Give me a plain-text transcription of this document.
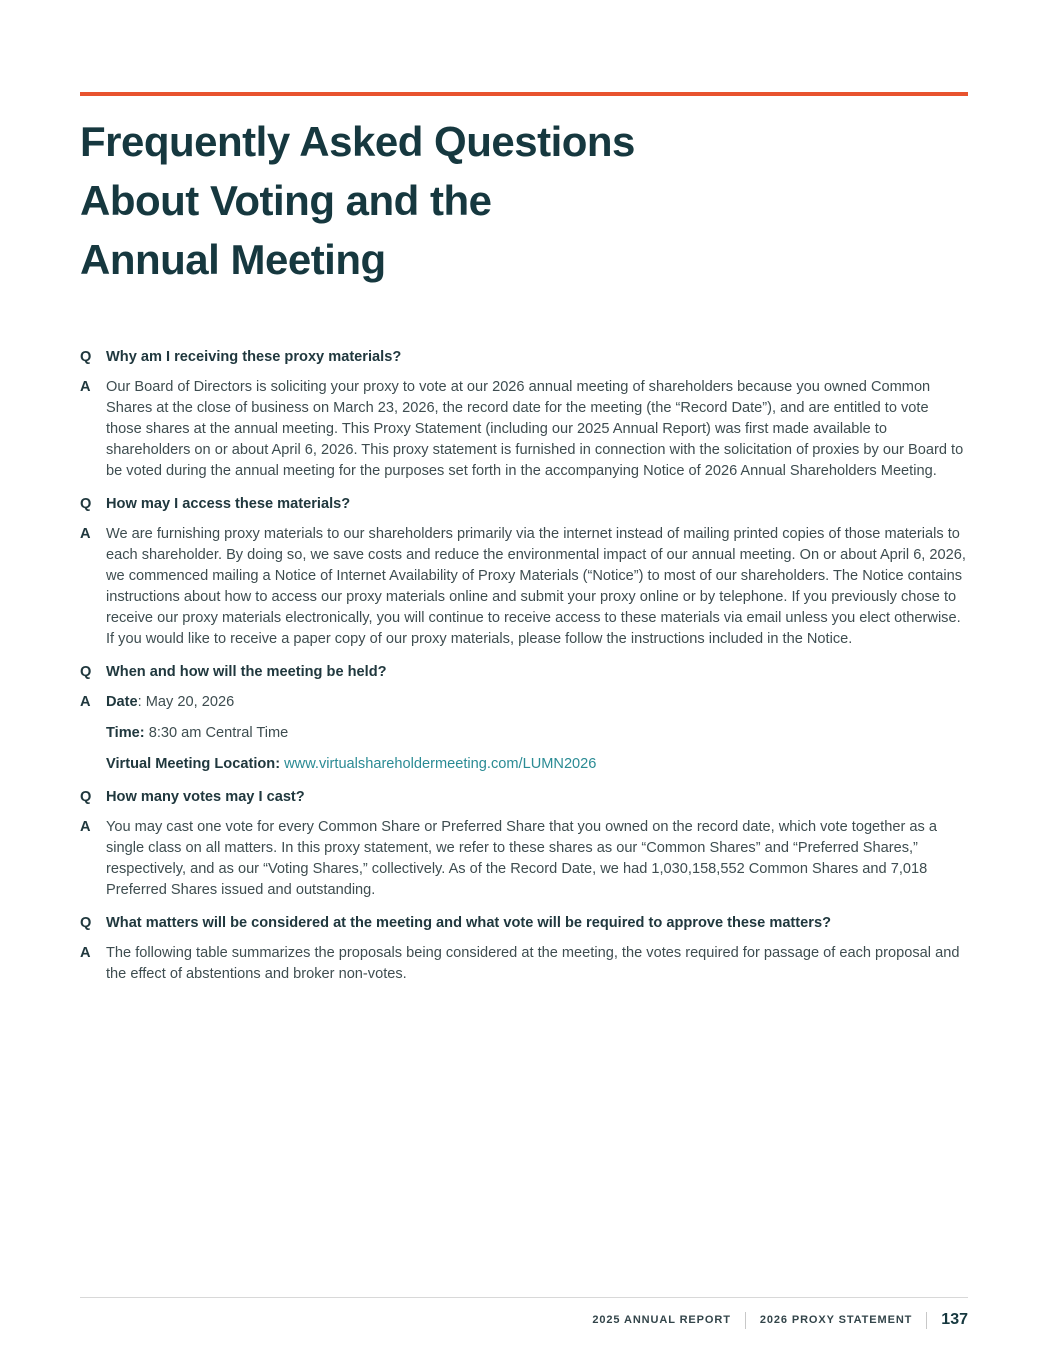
Frequently Asked Questions
About Voting and the
Annual Meeting
Q	Why am I receiving these proxy materials?

A	Our Board of Directors is soliciting your proxy to vote at our 2026 annual meeting of shareholders because you owned Common Shares at the close of business on March 23, 2026, the record date for the meeting (the “Record Date”), and are entitled to vote those shares at the annual meeting. This Proxy Statement (including our 2025 Annual Report) was first made available to shareholders on or about April 6, 2026. This proxy statement is furnished in connection with the solicitation of proxies by our Board to be voted during the annual meeting for the purposes set forth in the accompanying Notice of 2026 Annual Shareholders Meeting.

Q	How may I access these materials?

A	We are furnishing proxy materials to our shareholders primarily via the internet instead of mailing printed copies of those materials to each shareholder. By doing so, we save costs and reduce the environmental impact of our annual meeting. On or about April 6, 2026, we commenced mailing a Notice of Internet Availability of Proxy Materials (“Notice”) to most of our shareholders. The Notice contains instructions about how to access our proxy materials online and submit your proxy online or by telephone. If you previously chose to receive our proxy materials electronically, you will continue to receive access to these materials via email unless you elect otherwise. If you would like to receive a paper copy of our proxy materials, please follow the instructions included in the Notice.

Q	When and how will the meeting be held?

A	Date: May 20, 2026

Time: 8:30 am Central Time

Virtual Meeting Location: www.virtualshareholdermeeting.com/LUMN2026

Q	How many votes may I cast?

A	You may cast one vote for every Common Share or Preferred Share that you owned on the record date, which vote together as a single class on all matters. In this proxy statement, we refer to these shares as our “Common Shares” and “Preferred Shares,” respectively, and as our “Voting Shares,” collectively. As of the Record Date, we had 1,030,158,552 Common Shares and 7,018 Preferred Shares issued and outstanding.

Q	What matters will be considered at the meeting and what vote will be required to approve these matters?

A	The following table summarizes the proposals being considered at the meeting, the votes required for passage of each proposal and the effect of abstentions and broker non-votes.

2025 ANNUAL REPORT	2026 PROXY STATEMENT 137
